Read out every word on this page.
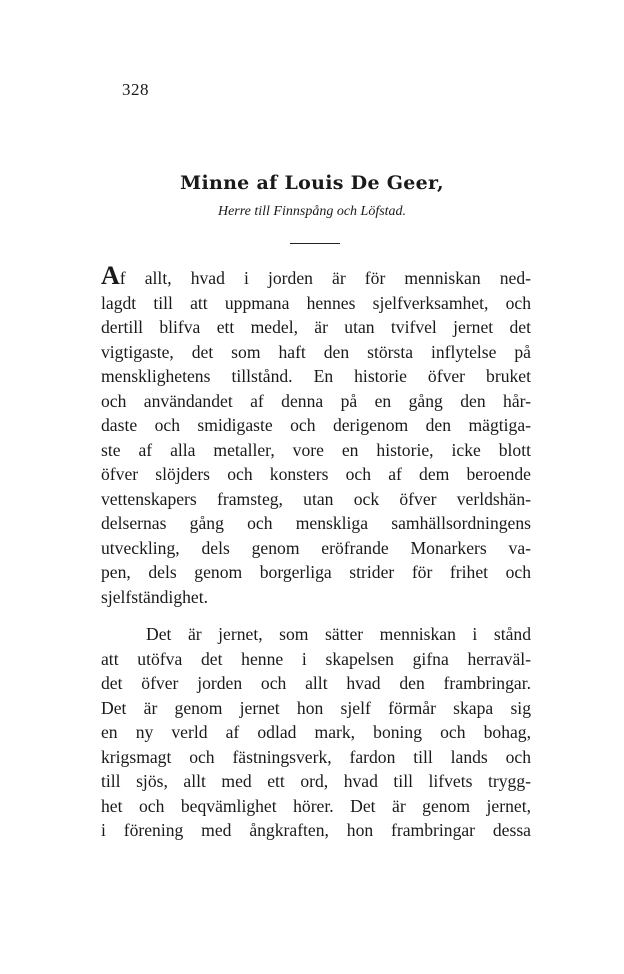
328
Minne af Louis De Geer,
Herre till Finnspång och Löfstad.
Af allt, hvad i jorden är för menniskan ned-
lagdt till att uppmana hennes sjelfverksamhet, och
dertill blifva ett medel, är utan tvifvel jernet det
vigtigaste, det som haft den största inflytelse på
mensklighetens tillstånd. En historie öfver bruket
och användandet af denna på en gång den hår-
daste och smidigaste och derigenom den mägtiga-
ste af alla metaller, vore en historie, icke blott
öfver slöjders och konsters och af dem beroende
vettenskapers framsteg, utan ock öfver verldshän-
delsernas gång och menskliga samhällsordningens
utveckling, dels genom eröfrande Monarkers va-
pen, dels genom borgerliga strider för frihet och
sjelfständighet.
Det är jernet, som sätter menniskan i stånd
att utöfva det henne i skapelsen gifna herraväl-
det öfver jorden och allt hvad den frambringar.
Det är genom jernet hon sjelf förmår skapa sig
en ny verld af odlad mark, boning och bohag,
krigsmagt och fästningsverk, fardon till lands och
till sjös, allt med ett ord, hvad till lifvets trygg-
het och beqvämlighet hörer. Det är genom jernet,
i förening med ångkraften, hon frambringar dessa
